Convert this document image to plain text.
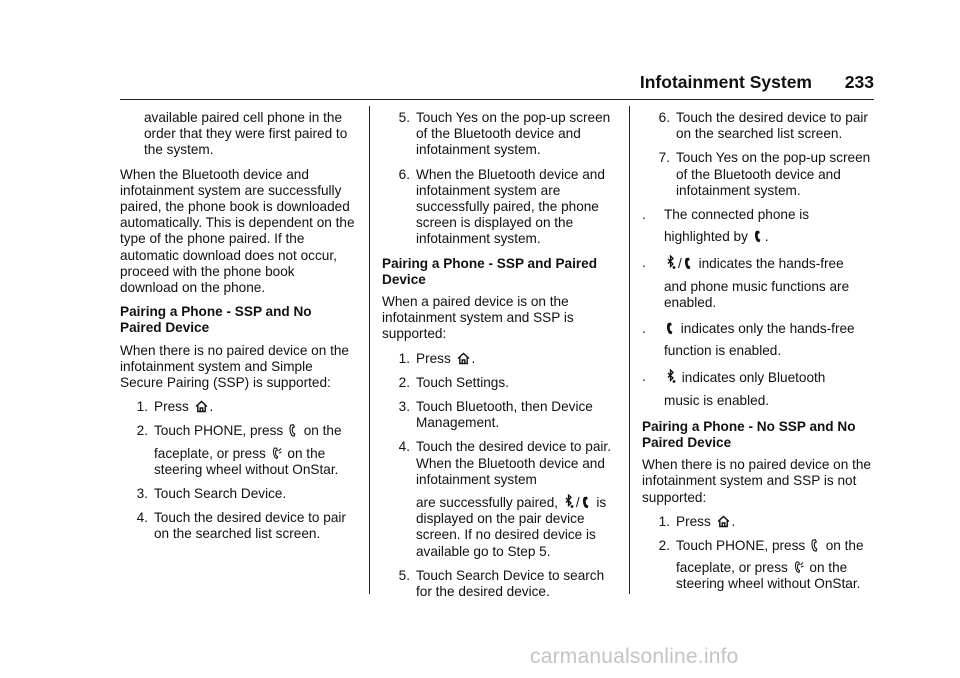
Infotainment System 233

available paired cell phone in the order that they were first paired to the system.

When the Bluetooth device and infotainment system are successfully paired, the phone book is downloaded automatically. This is dependent on the type of the phone paired. If the automatic download does not occur, proceed with the phone book download on the phone.

Pairing a Phone - SSP and No Paired Device

When there is no paired device on the infotainment system and Simple Secure Pairing (SSP) is supported:

1. Press .
2. Touch PHONE, press on the
faceplate, or press on the steering wheel without OnStar.
3. Touch Search Device.
4. Touch the desired device to pair on the searched list screen.
5. Touch Yes on the pop-up screen of the Bluetooth device and infotainment system.
6. When the Bluetooth device and infotainment system are successfully paired, the phone screen is displayed on the infotainment system.

Pairing a Phone - SSP and Paired Device

When a paired device is on the infotainment system and SSP is supported:

1. Press .
2. Touch Settings.
3. Touch Bluetooth, then Device Management.
4. Touch the desired device to pair. When the Bluetooth device and infotainment system
are successfully paired, / is displayed on the pair device screen. If no desired device is available go to Step 5.
5. Touch Search Device to search for the desired device.
6. Touch the desired device to pair on the searched list screen.
7. Touch Yes on the pop-up screen of the Bluetooth device and infotainment system.
. The connected phone is
highlighted by .
. / indicates the hands-free
and phone music functions are enabled.
.	indicates only the hands-free
function is enabled.
.	indicates only Bluetooth
music is enabled.

Pairing a Phone - No SSP and No Paired Device

When there is no paired device on the infotainment system and SSP is not supported:

1. Press .
2. Touch PHONE, press on the
faceplate, or press on the steering wheel without OnStar.
carmanualsonline.info
